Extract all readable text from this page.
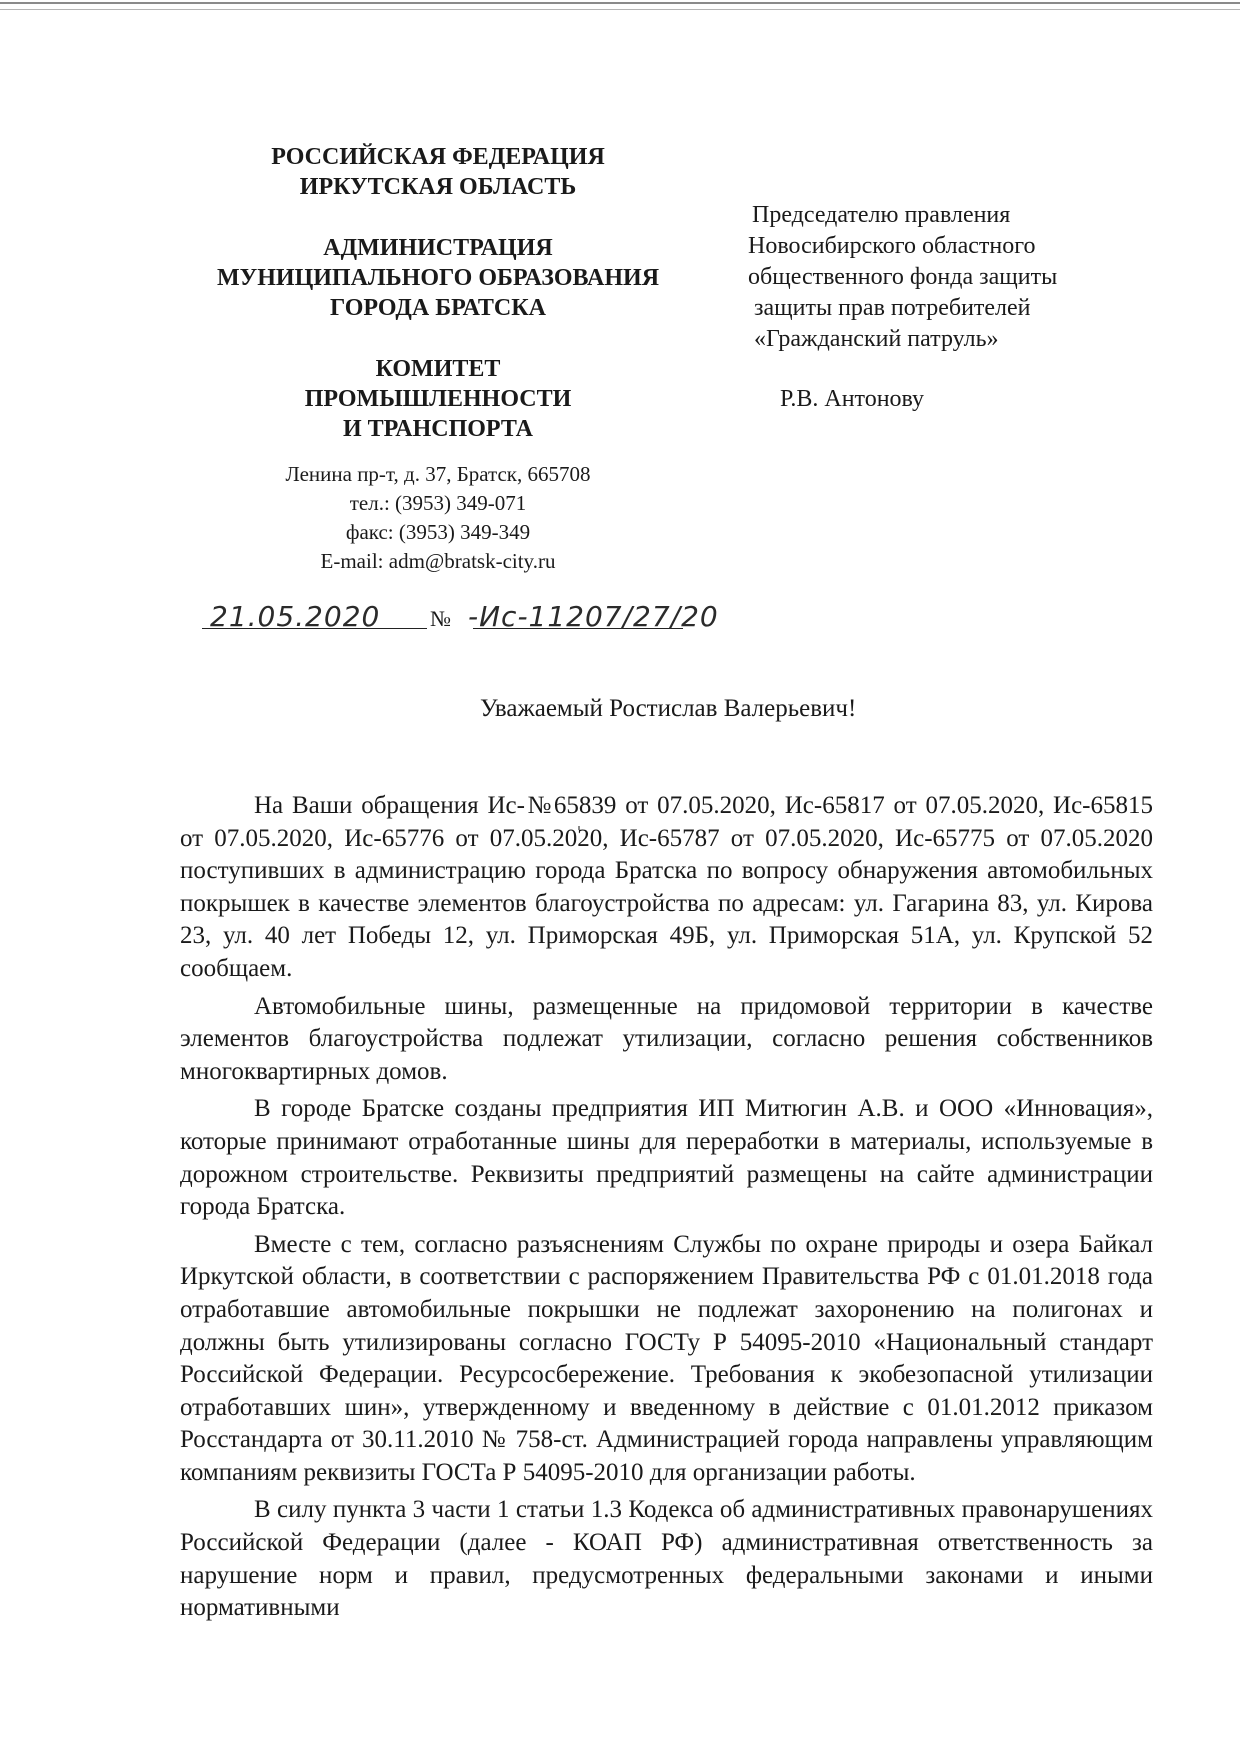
РОССИЙСКАЯ ФЕДЕРАЦИЯ
ИРКУТСКАЯ ОБЛАСТЬ
АДМИНИСТРАЦИЯ
МУНИЦИПАЛЬНОГО ОБРАЗОВАНИЯ
ГОРОДА БРАТСКА
КОМИТЕТ
ПРОМЫШЛЕННОСТИ
И ТРАНСПОРТА
Ленина пр-т, д. 37, Братск, 665708
тел.: (3953) 349-071
факс: (3953) 349-349
E-mail: adm@bratsk-city.ru
21.05.2020 № -Ис-11207/27/20
Председателю правления
Новосибирского областного
общественного фонда защиты
защиты прав потребителей
«Гражданский патруль»
Р.В. Антонову
Уважаемый Ростислав Валерьевич!

На Ваши обращения Ис-№65839 от 07.05.2020, Ис-65817 от 07.05.2020, Ис-65815 от 07.05.2020, Ис-65776 от 07.05.2020, Ис-65787 от 07.05.2020, Ис-65775 от 07.05.2020 поступивших в администрацию города Братска по вопросу обнаружения автомобильных покрышек в качестве элементов благоустройства по адресам: ул. Гагарина 83, ул. Кирова 23, ул. 40 лет Победы 12, ул. Приморская 49Б, ул. Приморская 51А, ул. Крупской 52 сообщаем.

Автомобильные шины, размещенные на придомовой территории в качестве элементов благоустройства подлежат утилизации, согласно решения собственников многоквартирных домов.

В городе Братске созданы предприятия ИП Митюгин А.В. и ООО «Инновация», которые принимают отработанные шины для переработки в материалы, используемые в дорожном строительстве. Реквизиты предприятий размещены на сайте администрации города Братска.

Вместе с тем, согласно разъяснениям Службы по охране природы и озера Байкал Иркутской области, в соответствии с распоряжением Правительства РФ с 01.01.2018 года отработавшие автомобильные покрышки не подлежат захоронению на полигонах и должны быть утилизированы согласно ГОСТу Р 54095-2010 «Национальный стандарт Российской Федерации. Ресурсосбережение. Требования к экобезопасной утилизации отработавших шин», утвержденному и введенному в действие с 01.01.2012 приказом Росстандарта от 30.11.2010 № 758-ст. Администрацией города направлены управляющим компаниям реквизиты ГОСТа Р 54095-2010 для организации работы.

В силу пункта 3 части 1 статьи 1.3 Кодекса об административных правонарушениях Российской Федерации (далее - КОАП РФ) административная ответственность за нарушение норм и правил, предусмотренных федеральными законами и иными нормативными
